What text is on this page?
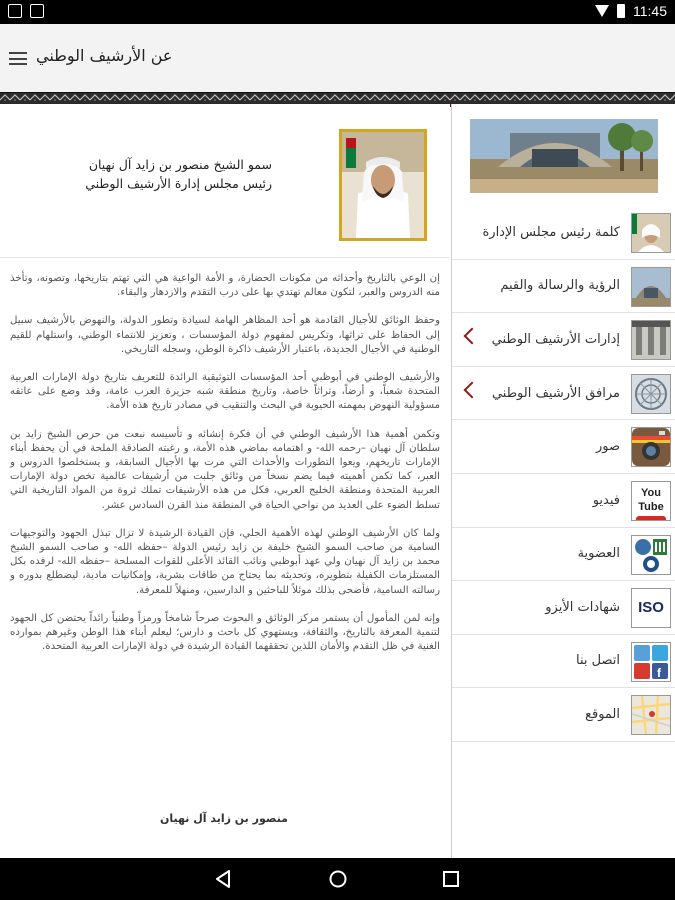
11:45
عن الأرشيف الوطني
سمو الشيخ منصور بن زايد آل نهيان
رئيس مجلس إدارة الأرشيف الوطني

إن الوعي بالتاريخ وأحداثه من مكونات الحضارة، و الأمة الواعية هي التي تهتم بتاريخها، وتصونه، وتأخذ منه الدروس والعبر، لتكون معالم تهتدي بها على درب التقدم والازدهار والبقاء.

وحفظ الوثائق للأجيال القادمة هو أحد المظاهر الهامة لسيادة وتطور الدولة، والنهوض بالأرشيف سبيل إلى الحفاظ على تراثها، وتكريس لمفهوم دولة المؤسسات ، وتعزيز للانتماء الوطني، واستلهام للقيم الوطنية في الأجيال الجديدة، باعتبار الأرشيف ذاكرة الوطن، وسجله التاريخي.

والأرشيف الوطني في أبوظبي أحد المؤسسات التوثيقية الرائدة للتعريف بتاريخ دولة الإمارات العربية المتحدة شعباً، و أرضاً، وتراثاً خاصة، وتاريخ منطقة شبه جزيرة العرب عامة، وقد وضع على عاتقه مسؤولية النهوض بمهمته الحيوية في البحث والتنقيب في مصادر تاريخ هذه الأمة.

وتكمن أهمية هذا الأرشيف الوطني في أن فكرة إنشائه و تأسيسه نبعت من حرص الشيخ زايد بن سلطان آل نهيان –رحمه الله- و اهتمامه بماضي هذه الأمة، و رغبته الصادقة الملحة في أن يحفظ أبناء الإمارات تاريخهم، ويعوا التطورات والأحداث التي مرت بها الأجيال السابقة، و يستخلصوا الدروس و العبر، كما تكمن أهميته فيما يضم نسخاً من وثائق جلبت من أرشيفات عالمية تخص دولة الإمارات العربية المتحدة ومنطقة الخليج العربي، فكل من هذه الأرشيفات تملك ثروة من المواد التاريخية التي تسلط الضوء على العديد من نواحي الحياة في المنطقة منذ القرن السادس عشر.

ولما كان الأرشيف الوطني لهذه الأهمية الجلي، فإن القيادة الرشيدة لا تزال تبذل الجهود والتوجيهات السامية من صاحب السمو الشيخ خليفة بن زايد رئيس الدولة –حفظه الله- و صاحب السمو الشيخ محمد بن زايد آل نهيان ولي عهد أبوظبي ونائب القائد الأعلى للقوات المسلحة –حفظه الله- لرفده بكل المستلزمات الكفيلة بتطويره، وتحديثه بما يحتاج من طاقات بشرية، وإمكانيات مادية، ليضطلع بدوره و رسالته السامية، فأضحى بذلك موئلاً للباحثين و الدارسين، ومنهلاً للمعرفة.

وإنه لمن المأمول أن يستمر مركز الوثائق و البحوث صرحاً شامخاً ورمزاً وطنياً رائداً يحتضن كل الجهود لتنمية المعرفة بالتاريخ، والثقافة، ويستهوي كل باحث و دارس؛ ليعلم أبناء هذا الوطن وغيرهم بموارده الغنية في ظل التقدم والأمان اللذين تحققهما القيادة الرشيدة في دولة الإمارات العربية المتحدة.

منصور بن زايد آل نهيان
كلمة رئيس مجلس الإدارة
الرؤية والرسالة والقيم
إدارات الأرشيف الوطني
مرافق الأرشيف الوطني
صور
You Tube
فيديو
العضوية
ISO
شهادات الأيزو
f
اتصل بنا
الموقع
